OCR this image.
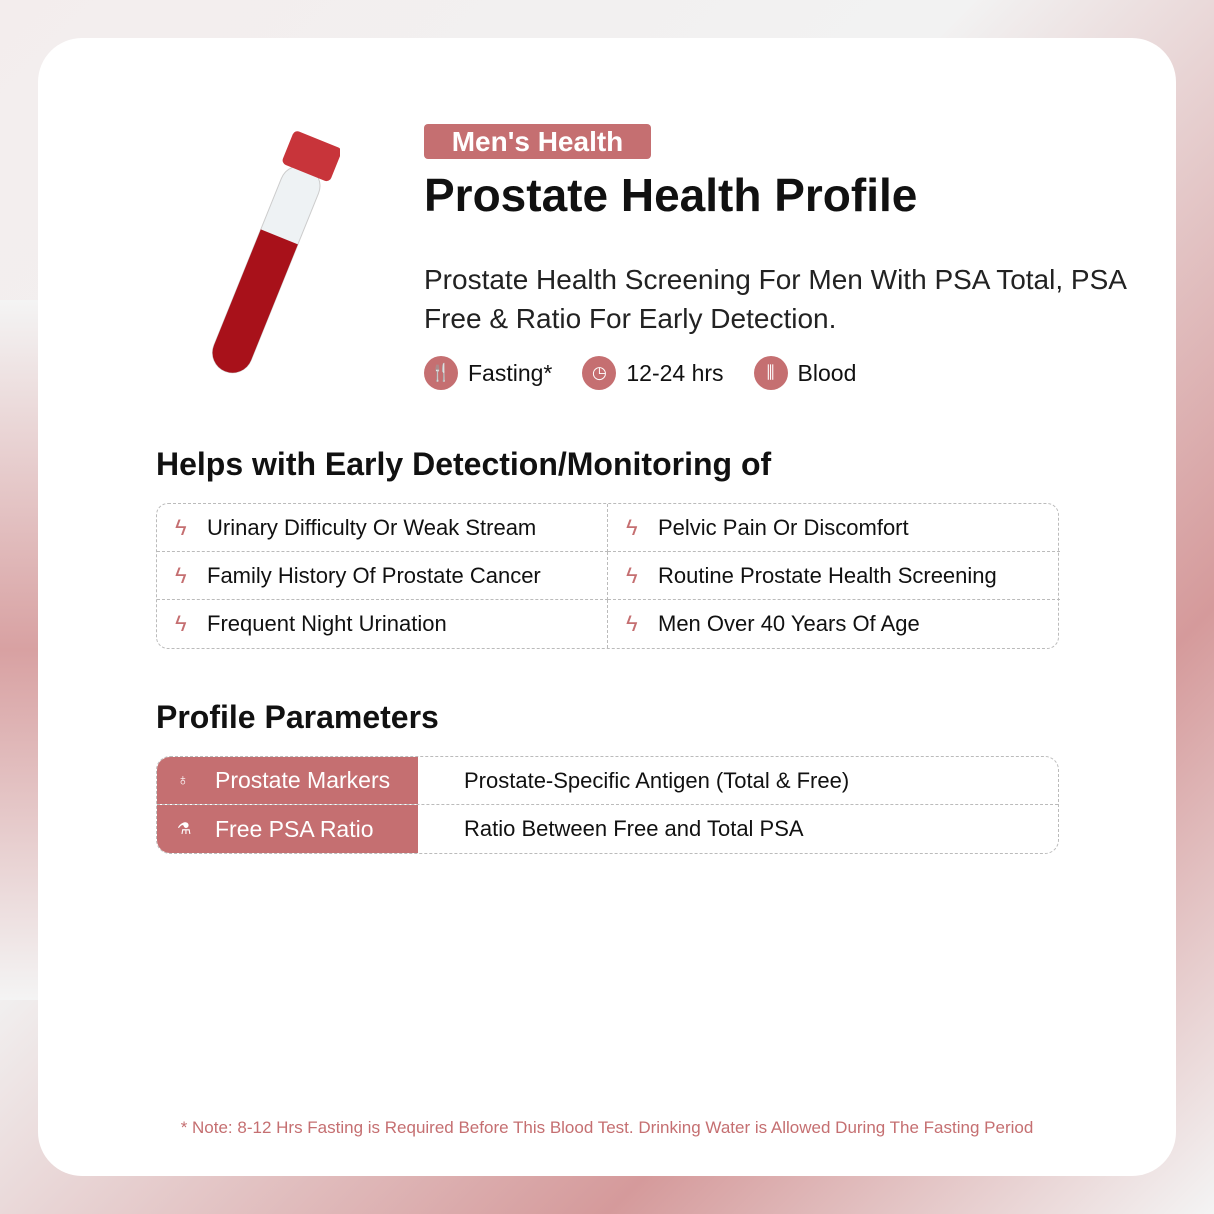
Men's Health
Prostate Health Profile
Prostate Health Screening For Men With PSA Total, PSA Free & Ratio For Early Detection.
🍴 Fasting*	◷ 12-24 hrs	⫼	Blood
Helps with Early Detection/Monitoring of
ϟ Urinary Difficulty Or Weak Stream	ϟ Pelvic Pain Or Discomfort
ϟ Family History Of Prostate Cancer	ϟ Routine Prostate Health Screening
ϟ Frequent Night Urination	ϟ Men Over 40 Years Of Age
Profile Parameters
♁	Prostate Markers	Prostate-Specific Antigen (Total & Free)
⚗	Free PSA Ratio	Ratio Between Free and Total PSA
* Note: 8-12 Hrs Fasting is Required Before This Blood Test. Drinking Water is Allowed During The Fasting Period
